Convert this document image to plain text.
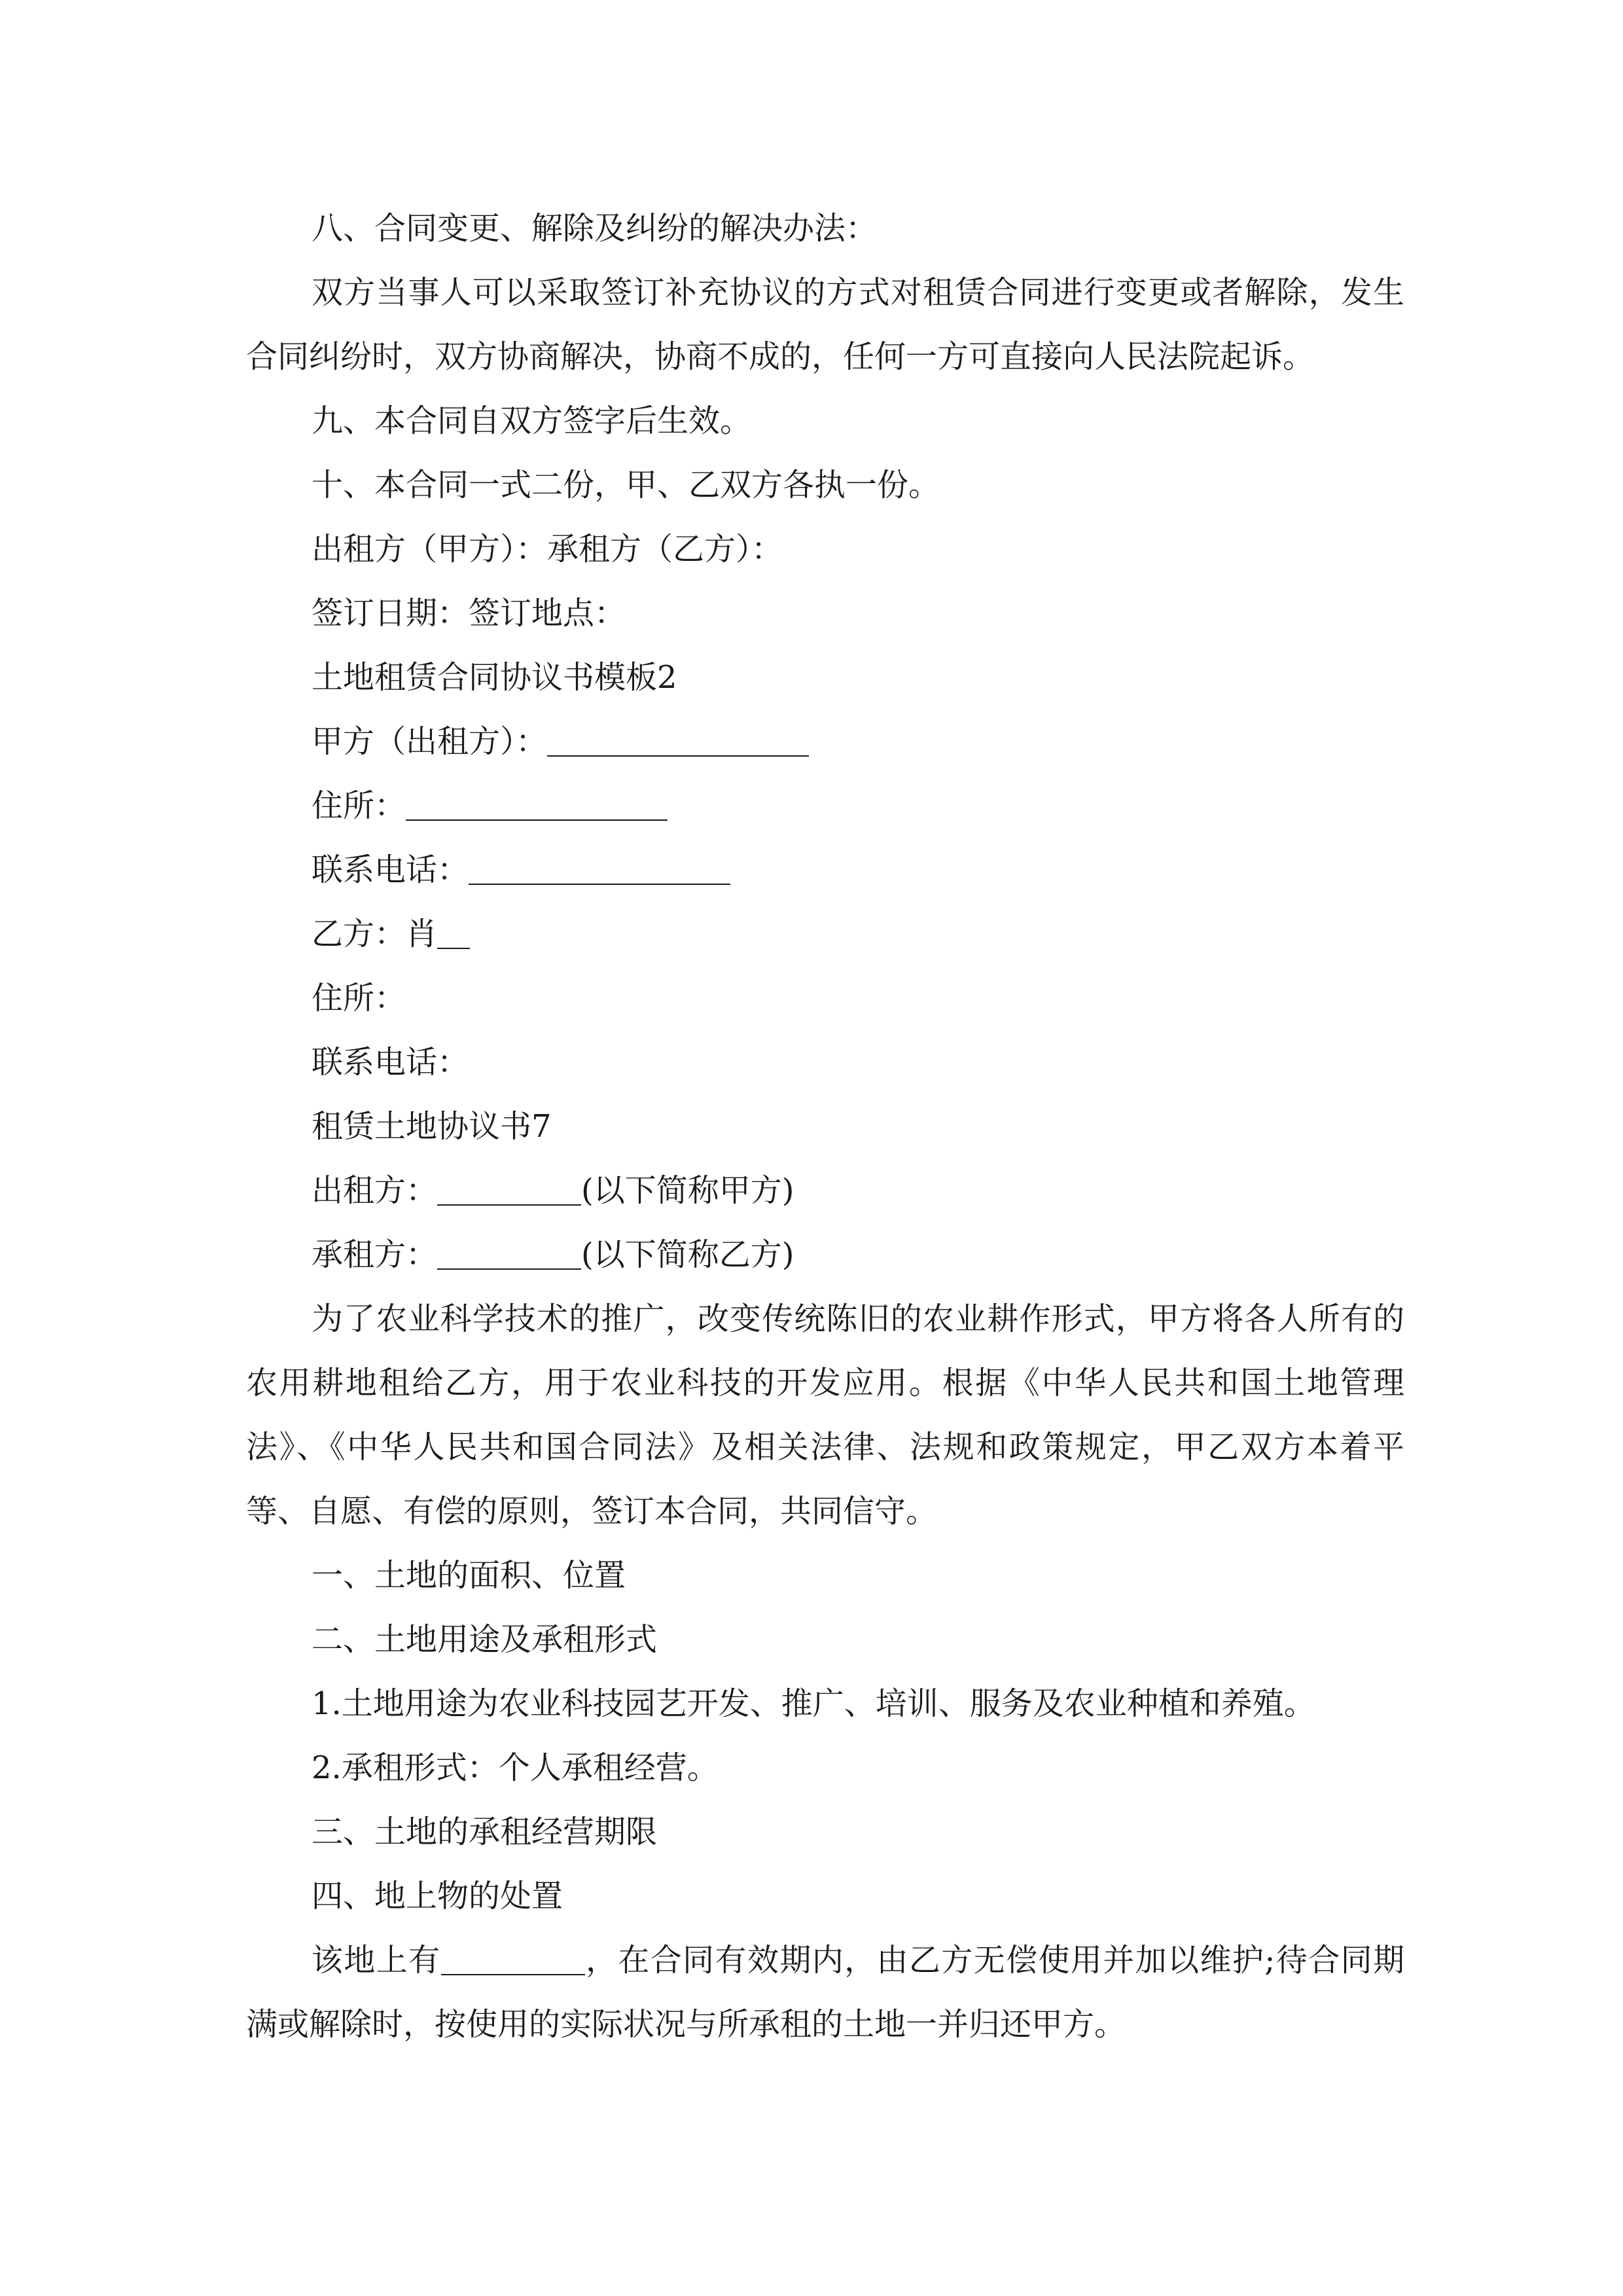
八、合同变更、解除及纠纷的解决办法：

双方当事人可以采取签订补充协议的方式对租赁合同进行变更或者解除，发生合同纠纷时，双方协商解决，协商不成的，任何一方可直接向人民法院起诉。

九、本合同自双方签字后生效。

十、本合同一式二份，甲、乙双方各执一份。

出租方（甲方）：承租方（乙方）：

签订日期：签订地点：

土地租赁合同协议书模板2

甲方（出租方）：

住所：

联系电话：

乙方：肖

住所：

联系电话：

租赁土地协议书7

出租方：	(以下简称甲方)

承租方：	(以下简称乙方)

为了农业科学技术的推广，改变传统陈旧的农业耕作形式，甲方将各人所有的农用耕地租给乙方，用于农业科技的开发应用。根据《中华人民共和国土地管理法》、《中华人民共和国合同法》及相关法律、法规和政策规定，甲乙双方本着平等、自愿、有偿的原则，签订本合同，共同信守。

一、土地的面积、位置

二、土地用途及承租形式

1.土地用途为农业科技园艺开发、推广、培训、服务及农业种植和养殖。

2.承租形式：个人承租经营。

三、土地的承租经营期限

四、地上物的处置

该地上有	，在合同有效期内，由乙方无偿使用并加以维护;待合同期满或解除时，按使用的实际状况与所承租的土地一并归还甲方。
